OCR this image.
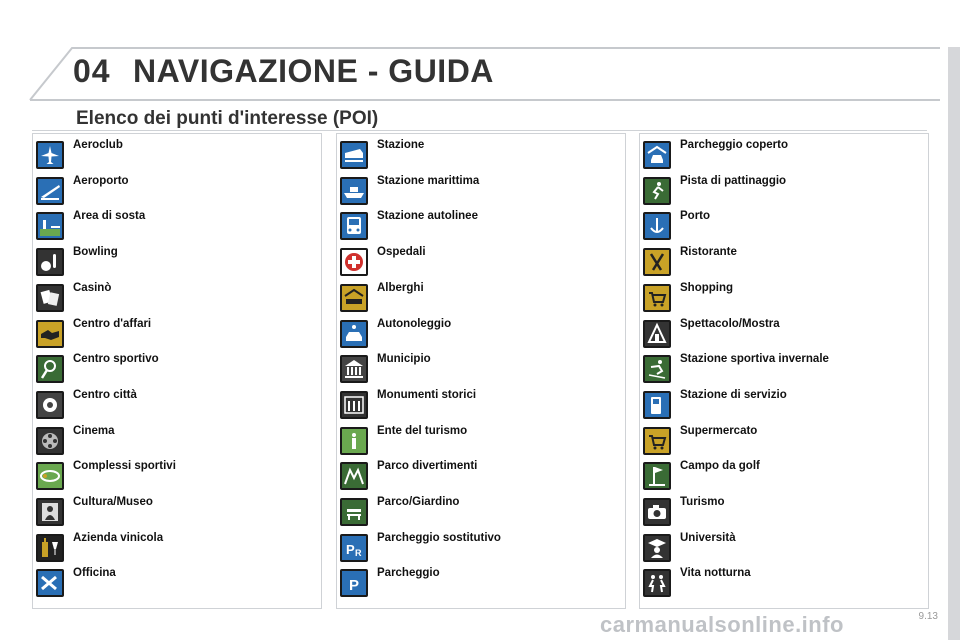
04 NAVIGAZIONE - GUIDA
Elenco dei punti d'interesse (POI)
Aeroclub
Aeroporto
Area di sosta
Bowling
Casinò
Centro d'affari
Centro sportivo
Centro città
Cinema
Complessi sportivi
Cultura/Museo
Azienda vinicola
Officina
Stazione
Stazione marittima
Stazione autolinee
Ospedali
Alberghi
Autonoleggio
Municipio
Monumenti storici
Ente del turismo
Parco divertimenti
Parco/Giardino
P R
Parcheggio sostitutivo
P
Parcheggio
Parcheggio coperto
Pista di pattinaggio
Porto
Ristorante
Shopping
Spettacolo/Mostra
Stazione sportiva invernale
Stazione di servizio
Supermercato
Campo da golf
Turismo
Università
Vita notturna
carmanualsonline.info	9.13
